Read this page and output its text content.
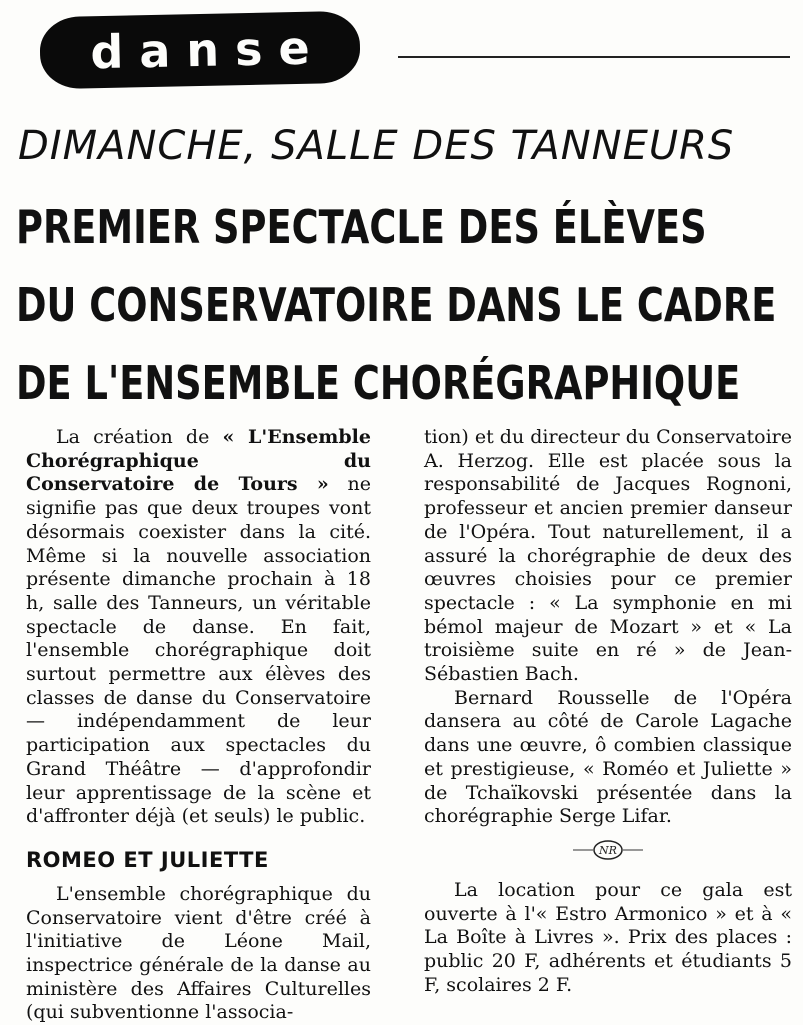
danse
DIMANCHE, SALLE DES TANNEURS
PREMIER SPECTACLE DES ÉLÈVES
DU CONSERVATOIRE DANS LE CADRE
DE L'ENSEMBLE CHORÉGRAPHIQUE

La création de « L'Ensemble Chorégraphique du Conservatoire de Tours » ne signifie pas que deux troupes vont désormais coexister dans la cité. Même si la nouvelle association présente dimanche prochain à 18 h, salle des Tanneurs, un véritable spectacle de danse. En fait, l'ensemble chorégraphique doit surtout permettre aux élèves des classes de danse du Conservatoire — indépendamment de leur participation aux spectacles du Grand Théâtre — d'approfondir leur apprentissage de la scène et d'affronter déjà (et seuls) le public.

ROMEO ET JULIETTE

L'ensemble chorégraphique du Conservatoire vient d'être créé à l'initiative de Léone Mail, inspectrice générale de la danse au ministère des Affaires Culturelles (qui subventionne l'associa-

tion) et du directeur du Conservatoire A. Herzog. Elle est placée sous la responsabilité de Jacques Rognoni, professeur et ancien premier danseur de l'Opéra. Tout naturellement, il a assuré la chorégraphie de deux des œuvres choisies pour ce premier spectacle : « La symphonie en mi bémol majeur de Mozart » et « La troisième suite en ré » de Jean-Sébastien Bach.

Bernard Rousselle de l'Opéra dansera au côté de Carole Lagache dans une œuvre, ô combien classique et prestigieuse, « Roméo et Juliette » de Tchaïkovski présentée dans la chorégraphie Serge Lifar.

NR

La location pour ce gala est ouverte à l'« Estro Armonico » et à « La Boîte à Livres ». Prix des places : public 20 F, adhérents et étudiants 5 F, scolaires 2 F.
